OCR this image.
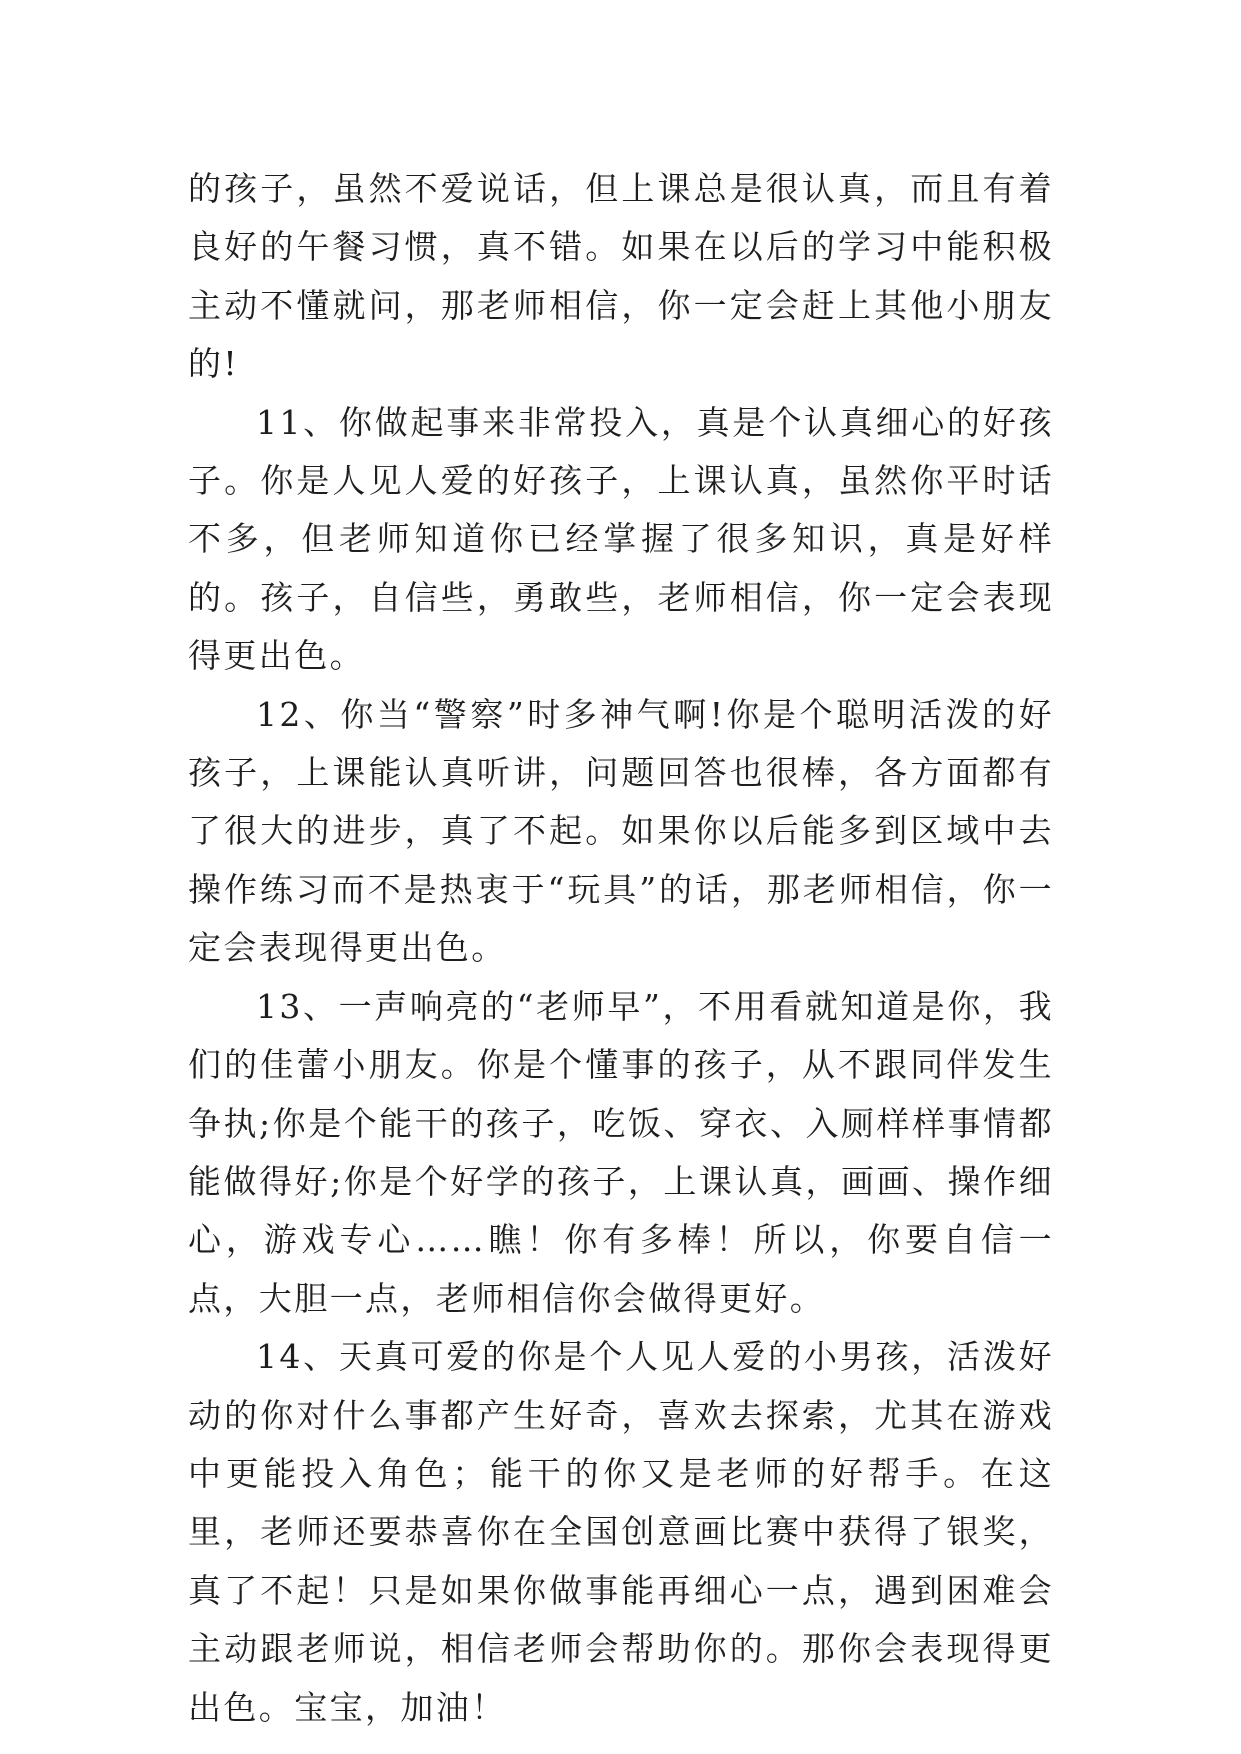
的孩子，虽然不爱说话，但上课总是很认真，而且有着良好的午餐习惯，真不错。如果在以后的学习中能积极主动不懂就问，那老师相信，你一定会赶上其他小朋友的!

11、你做起事来非常投入，真是个认真细心的好孩子。你是人见人爱的好孩子，上课认真，虽然你平时话不多，但老师知道你已经掌握了很多知识，真是好样的。孩子，自信些，勇敢些，老师相信，你一定会表现得更出色。

12、你当“警察”时多神气啊!你是个聪明活泼的好孩子，上课能认真听讲，问题回答也很棒，各方面都有了很大的进步，真了不起。如果你以后能多到区域中去操作练习而不是热衷于“玩具”的话，那老师相信，你一定会表现得更出色。

13、一声响亮的“老师早”，不用看就知道是你，我们的佳蕾小朋友。你是个懂事的孩子，从不跟同伴发生争执;你是个能干的孩子，吃饭、穿衣、入厕样样事情都能做得好;你是个好学的孩子，上课认真，画画、操作细心，游戏专心……瞧！你有多棒！所以，你要自信一点，大胆一点，老师相信你会做得更好。

14、天真可爱的你是个人见人爱的小男孩，活泼好动的你对什么事都产生好奇，喜欢去探索，尤其在游戏中更能投入角色；能干的你又是老师的好帮手。在这里，老师还要恭喜你在全国创意画比赛中获得了银奖，真了不起！只是如果你做事能再细心一点，遇到困难会主动跟老师说，相信老师会帮助你的。那你会表现得更出色。宝宝，加油！
